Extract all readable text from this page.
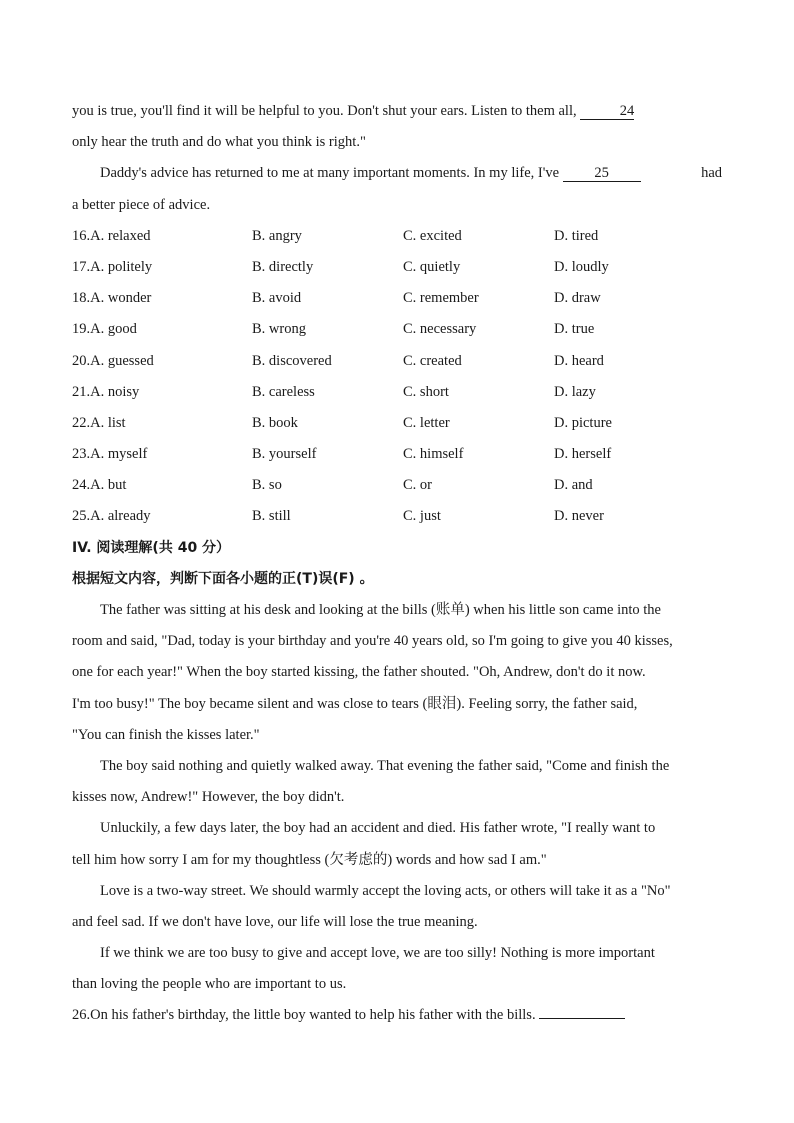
you is true, you'll find it will be helpful to you. Don't shut your ears. Listen to them all,	24
only hear the truth and do what you think is right."
Daddy's advice has returned to me at many important moments. In my life, I've 25	had
a better piece of advice.
16.A. relaxed	B. angry	C. excited	D. tired
17.A. politely	B. directly	C. quietly	D. loudly
18.A. wonder	B. avoid	C. remember	D. draw
19.A. good	B. wrong	C. necessary	D. true
20.A. guessed	B. discovered	C. created	D. heard
21.A. noisy	B. careless	C. short	D. lazy
22.A. list	B. book	C. letter	D. picture
23.A. myself	B. yourself	C. himself	D. herself
24.A. but	B. so	C. or	D. and
25.A. already	B. still	C. just	D. never
IV. 阅读理解(共 40 分）
根据短文内容，判断下面各小题的正(T)误(F) 。
The father was sitting at his desk and looking at the bills (账单) when his little son came into the
room and said, "Dad, today is your birthday and you're 40 years old, so I'm going to give you 40 kisses,
one for each year!" When the boy started kissing, the father shouted. "Oh, Andrew, don't do it now.
I'm too busy!" The boy became silent and was close to tears (眼泪). Feeling sorry, the father said,
"You can finish the kisses later."
The boy said nothing and quietly walked away. That evening the father said, "Come and finish the
kisses now, Andrew!" However, the boy didn't.
Unluckily, a few days later, the boy had an accident and died. His father wrote, "I really want to
tell him how sorry I am for my thoughtless (欠考虑的) words and how sad I am."
Love is a two-way street. We should warmly accept the loving acts, or others will take it as a "No"
and feel sad. If we don't have love, our life will lose the true meaning.
If we think we are too busy to give and accept love, we are too silly! Nothing is more important
than loving the people who are important to us.
26.On his father's birthday, the little boy wanted to help his father with the bills.
